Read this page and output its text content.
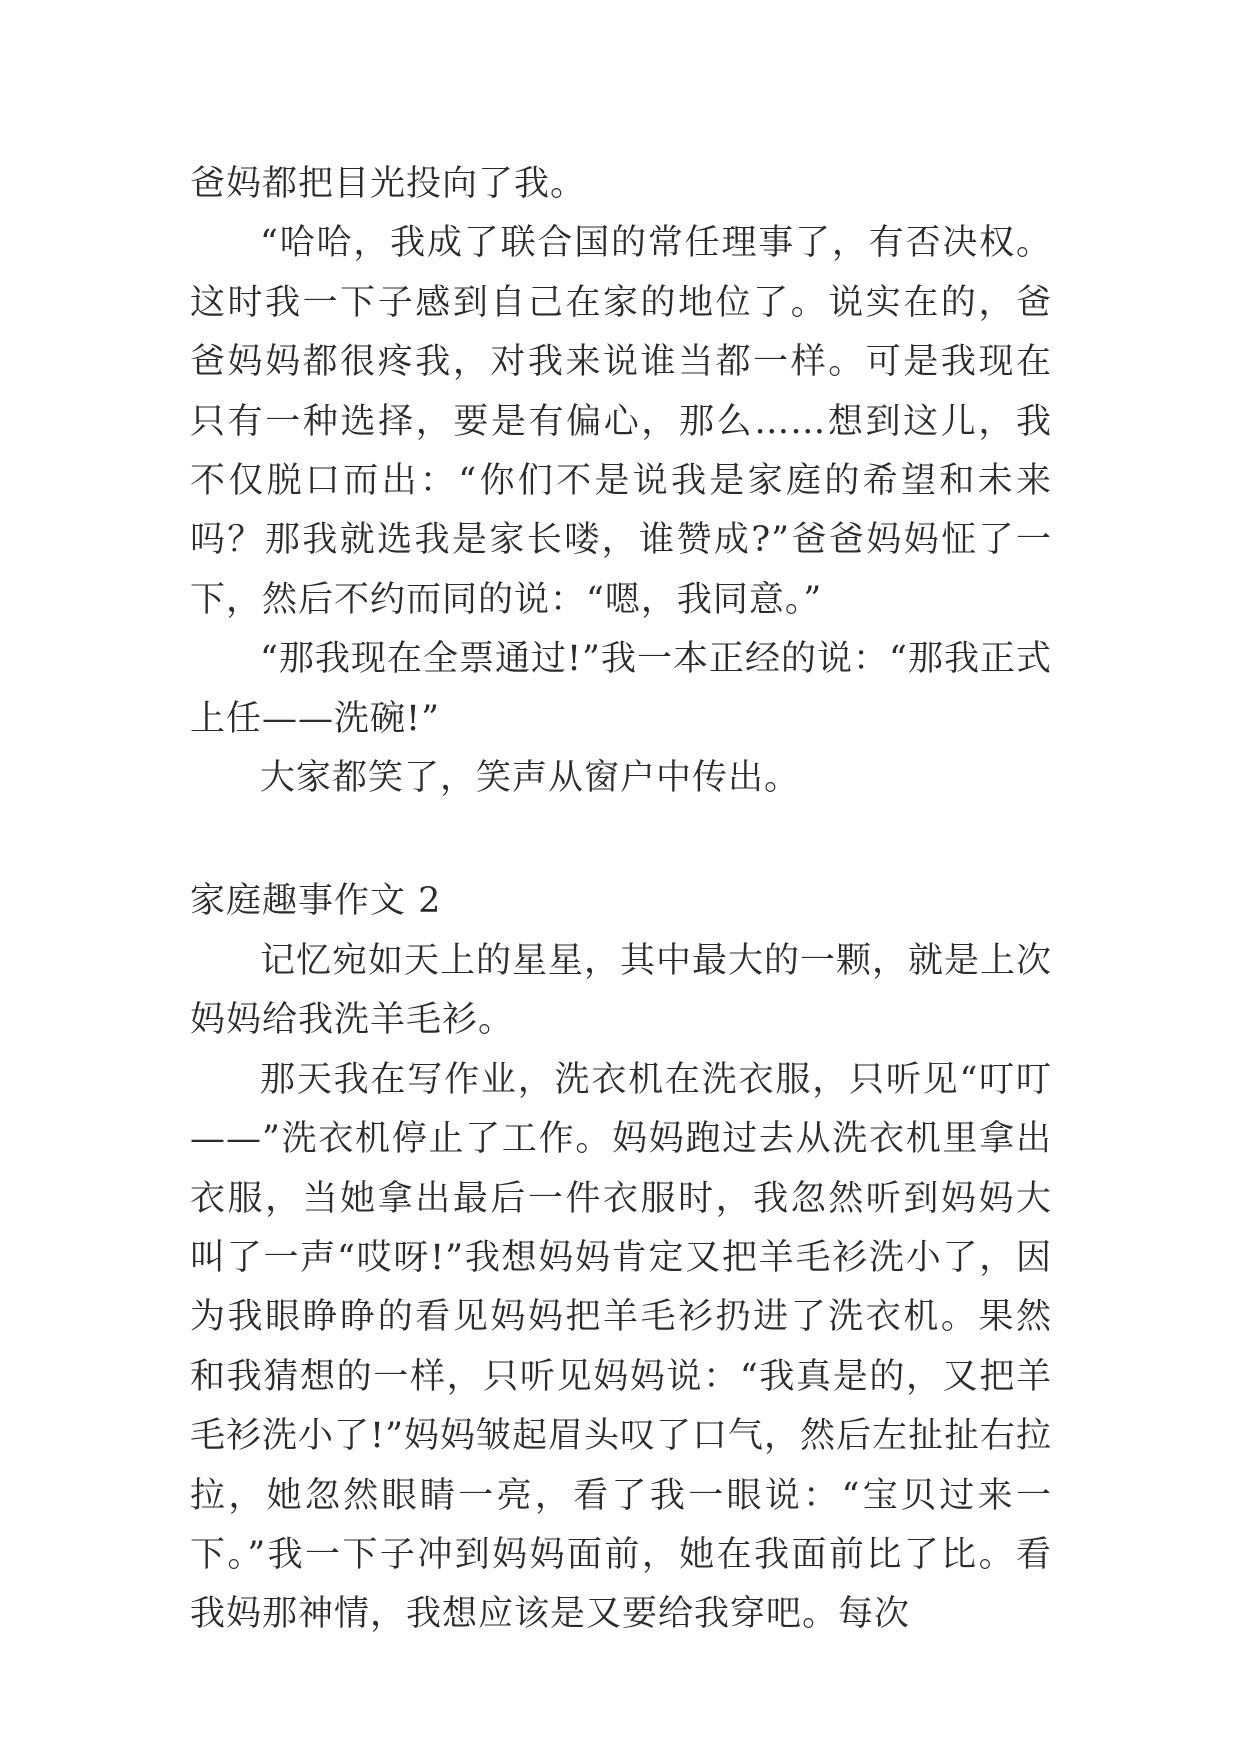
爸妈都把目光投向了我。

“哈哈，我成了联合国的常任理事了，有否决权。这时我一下子感到自己在家的地位了。说实在的，爸爸妈妈都很疼我，对我来说谁当都一样。可是我现在只有一种选择，要是有偏心，那么……想到这儿，我不仅脱口而出：“你们不是说我是家庭的希望和未来吗？那我就选我是家长喽，谁赞成?”爸爸妈妈怔了一下，然后不约而同的说：“嗯，我同意。”

“那我现在全票通过!”我一本正经的说：“那我正式上任——洗碗!”

大家都笑了，笑声从窗户中传出。

家庭趣事作文 2

记忆宛如天上的星星，其中最大的一颗，就是上次妈妈给我洗羊毛衫。

那天我在写作业，洗衣机在洗衣服，只听见“叮叮——”洗衣机停止了工作。妈妈跑过去从洗衣机里拿出衣服，当她拿出最后一件衣服时，我忽然听到妈妈大叫了一声“哎呀!”我想妈妈肯定又把羊毛衫洗小了，因为我眼睁睁的看见妈妈把羊毛衫扔进了洗衣机。果然和我猜想的一样，只听见妈妈说：“我真是的，又把羊毛衫洗小了!”妈妈皱起眉头叹了口气，然后左扯扯右拉拉，她忽然眼睛一亮，看了我一眼说：“宝贝过来一下。”我一下子冲到妈妈面前，她在我面前比了比。看我妈那神情，我想应该是又要给我穿吧。每次
